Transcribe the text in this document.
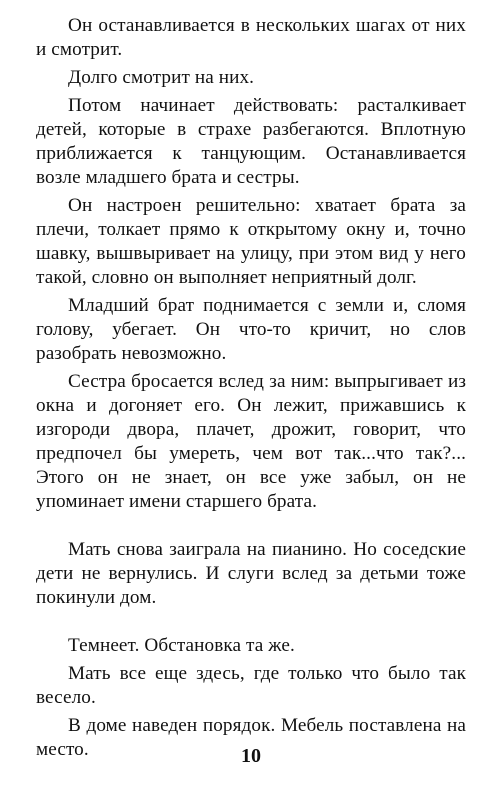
Он останавливается в нескольких шагах от них и смотрит.

Долго смотрит на них.

Потом начинает действовать: расталкивает детей, которые в страхе разбегаются. Вплотную приближается к танцующим. Останавливается возле младшего брата и сестры.

Он настроен решительно: хватает брата за плечи, толкает прямо к открытому окну и, точно шавку, вышвыривает на улицу, при этом вид у него такой, словно он выполняет неприятный долг.

Младший брат поднимается с земли и, сломя голову, убегает. Он что-то кричит, но слов разобрать невозможно.

Сестра бросается вслед за ним: выпрыгивает из окна и догоняет его. Он лежит, прижавшись к изгороди двора, плачет, дрожит, говорит, что предпочел бы умереть, чем вот так...что так?... Этого он не знает, он все уже забыл, он не упоминает имени старшего брата.

Мать снова заиграла на пианино. Но соседские дети не вернулись. И слуги вслед за детьми тоже покинули дом.

Темнеет. Обстановка та же.

Мать все еще здесь, где только что было так весело.

В доме наведен порядок. Мебель поставлена на место.	10
